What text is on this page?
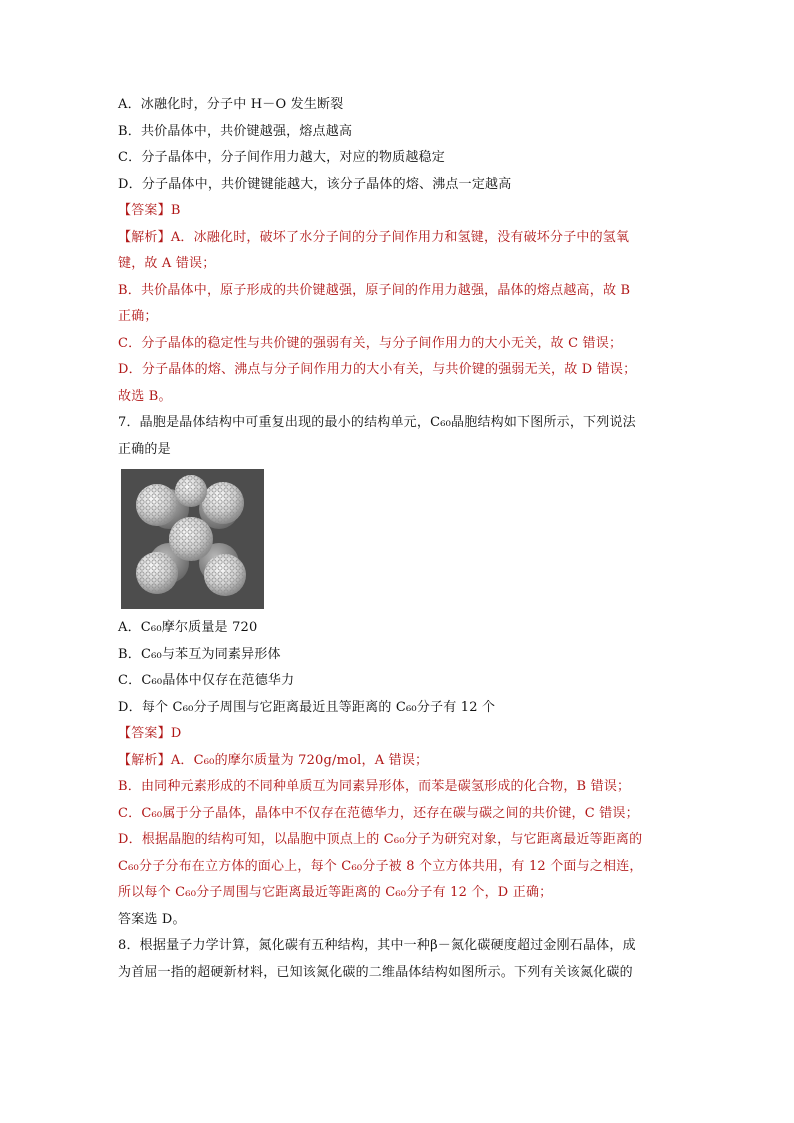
A．冰融化时，分子中 H－O 发生断裂
B．共价晶体中，共价键越强，熔点越高
C．分子晶体中，分子间作用力越大，对应的物质越稳定
D．分子晶体中，共价键键能越大，该分子晶体的熔、沸点一定越高
【答案】B
【解析】A．冰融化时，破坏了水分子间的分子间作用力和氢键，没有破坏分子中的氢氧
键，故 A 错误；
B．共价晶体中，原子形成的共价键越强，原子间的作用力越强，晶体的熔点越高，故 B
正确；
C．分子晶体的稳定性与共价键的强弱有关，与分子间作用力的大小无关，故 C 错误；
D．分子晶体的熔、沸点与分子间作用力的大小有关，与共价键的强弱无关，故 D 错误；
故选 B。
7．晶胞是晶体结构中可重复出现的最小的结构单元，C₆₀晶胞结构如下图所示，下列说法
正确的是
A．C₆₀摩尔质量是 720
B．C₆₀与苯互为同素异形体
C．C₆₀晶体中仅存在范德华力
D．每个 C₆₀分子周围与它距离最近且等距离的 C₆₀分子有 12 个
【答案】D
【解析】A．C₆₀的摩尔质量为 720g/mol，A 错误；
B．由同种元素形成的不同种单质互为同素异形体，而苯是碳氢形成的化合物，B 错误；
C．C₆₀属于分子晶体，晶体中不仅存在范德华力，还存在碳与碳之间的共价键，C 错误；
D．根据晶胞的结构可知，以晶胞中顶点上的 C₆₀分子为研究对象，与它距离最近等距离的
C₆₀分子分布在立方体的面心上，每个 C₆₀分子被 8 个立方体共用，有 12 个面与之相连，
所以每个 C₆₀分子周围与它距离最近等距离的 C₆₀分子有 12 个，D 正确；
答案选 D。
8．根据量子力学计算，氮化碳有五种结构，其中一种β－氮化碳硬度超过金刚石晶体，成
为首屈一指的超硬新材料，已知该氮化碳的二维晶体结构如图所示。下列有关该氮化碳的
